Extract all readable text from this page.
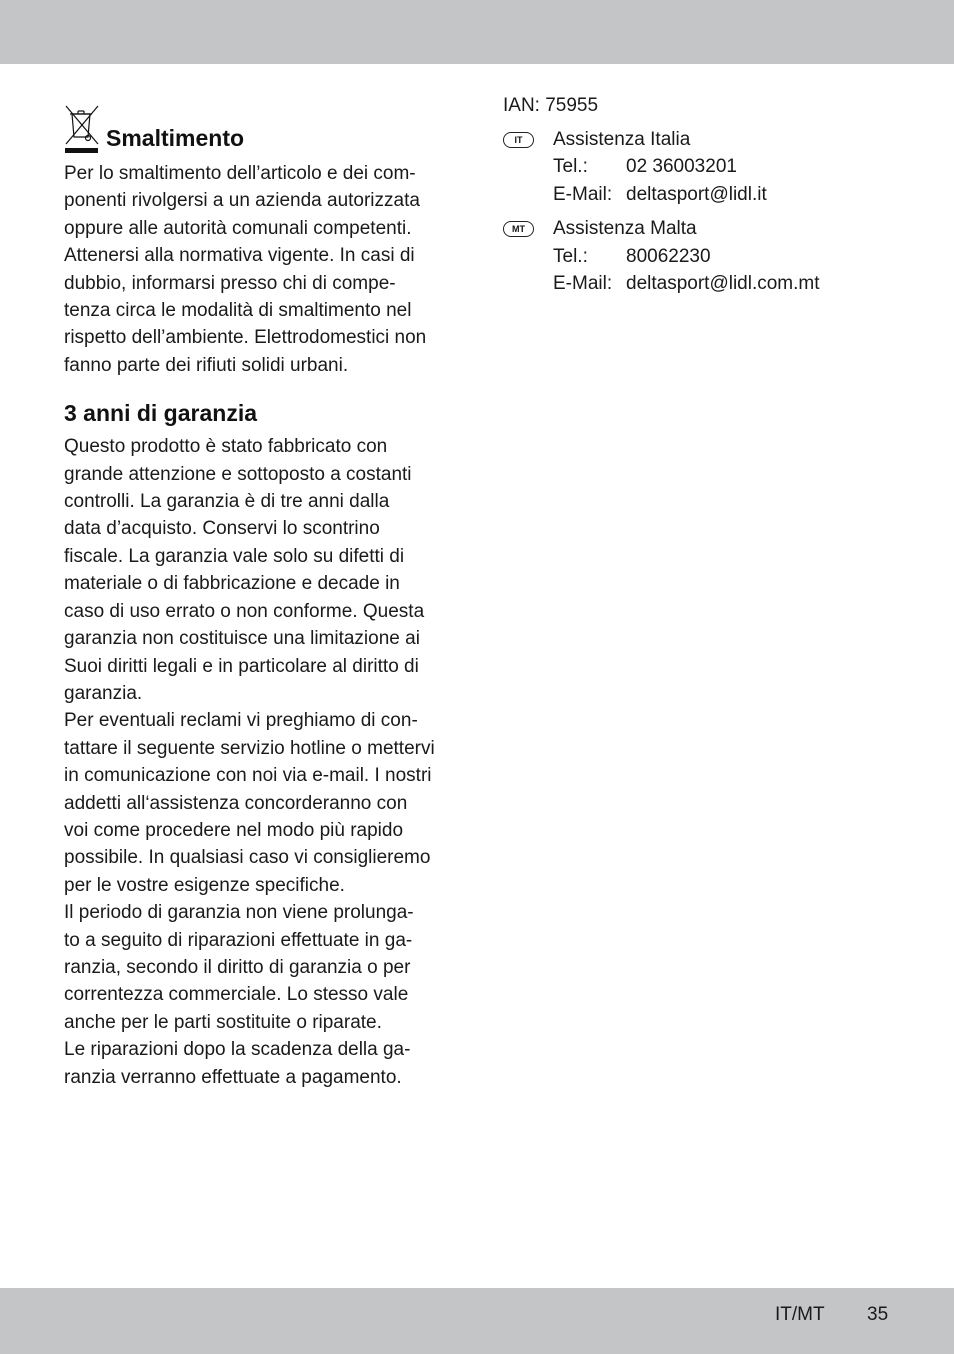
Smaltimento
Per lo smaltimento dell’articolo e dei com-
ponenti rivolgersi a un azienda autorizzata
oppure alle autorità comunali competenti.
Attenersi alla normativa vigente. In casi di
dubbio, informarsi presso chi di compe-
tenza circa le modalità di smaltimento nel
rispetto dell’ambiente. Elettrodomestici non
fanno parte dei rifiuti solidi urbani.
3 anni di garanzia
Questo prodotto è stato fabbricato con
grande attenzione e sottoposto a costanti
controlli. La garanzia è di tre anni dalla
data d’acquisto. Conservi lo scontrino
fiscale. La garanzia vale solo su difetti di
materiale o di fabbricazione e decade in
caso di uso errato o non conforme. Questa
garanzia non costituisce una limitazione ai
Suoi diritti legali e in particolare al diritto di
garanzia.
Per eventuali reclami vi preghiamo di con-
tattare il seguente servizio hotline o mettervi
in comunicazione con noi via e-mail. I nostri
addetti all‘assistenza concorderanno con
voi come procedere nel modo più rapido
possibile. In qualsiasi caso vi consiglieremo
per le vostre esigenze specifiche.
Il periodo di garanzia non viene prolunga-
to a seguito di riparazioni effettuate in ga-
ranzia, secondo il diritto di garanzia o per
correntezza commerciale. Lo stesso vale
anche per le parti sostituite o riparate.
Le riparazioni dopo la scadenza della ga-
ranzia verranno effettuate a pagamento.
IAN: 75955
IT	Assistenza Italia
Tel.:	02 36003201
E-Mail: deltasport@lidl.it
MT	Assistenza Malta
Tel.:	80062230
E-Mail: deltasport@lidl.com.mt
IT/MT 35
